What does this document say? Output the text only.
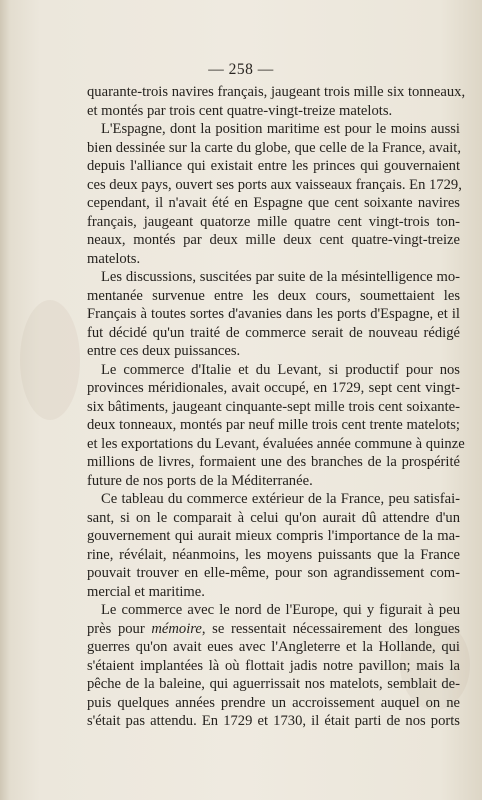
— 258 —
quarante-trois navires français, jaugeant trois mille six tonneaux,
et montés par trois cent quatre-vingt-treize matelots.
L'Espagne, dont la position maritime est pour le moins aussi
bien dessinée sur la carte du globe, que celle de la France, avait,
depuis l'alliance qui existait entre les princes qui gouvernaient
ces deux pays, ouvert ses ports aux vaisseaux français. En 1729,
cependant, il n'avait été en Espagne que cent soixante navires
français, jaugeant quatorze mille quatre cent vingt-trois ton-
neaux, montés par deux mille deux cent quatre-vingt-treize
matelots.
Les discussions, suscitées par suite de la mésintelligence mo-
mentanée survenue entre les deux cours, soumettaient les
Français à toutes sortes d'avanies dans les ports d'Espagne, et il
fut décidé qu'un traité de commerce serait de nouveau rédigé
entre ces deux puissances.
Le commerce d'Italie et du Levant, si productif pour nos
provinces méridionales, avait occupé, en 1729, sept cent vingt-
six bâtiments, jaugeant cinquante-sept mille trois cent soixante-
deux tonneaux, montés par neuf mille trois cent trente matelots;
et les exportations du Levant, évaluées année commune à quinze
millions de livres, formaient une des branches de la prospérité
future de nos ports de la Méditerranée.
Ce tableau du commerce extérieur de la France, peu satisfai-
sant, si on le comparait à celui qu'on aurait dû attendre d'un
gouvernement qui aurait mieux compris l'importance de la ma-
rine, révélait, néanmoins, les moyens puissants que la France
pouvait trouver en elle-même, pour son agrandissement com-
mercial et maritime.
Le commerce avec le nord de l'Europe, qui y figurait à peu
près pour mémoire, se ressentait nécessairement des longues
guerres qu'on avait eues avec l'Angleterre et la Hollande, qui
s'étaient implantées là où flottait jadis notre pavillon; mais la
pêche de la baleine, qui aguerrissait nos matelots, semblait de-
puis quelques années prendre un accroissement auquel on ne
s'était pas attendu. En 1729 et 1730, il était parti de nos ports
